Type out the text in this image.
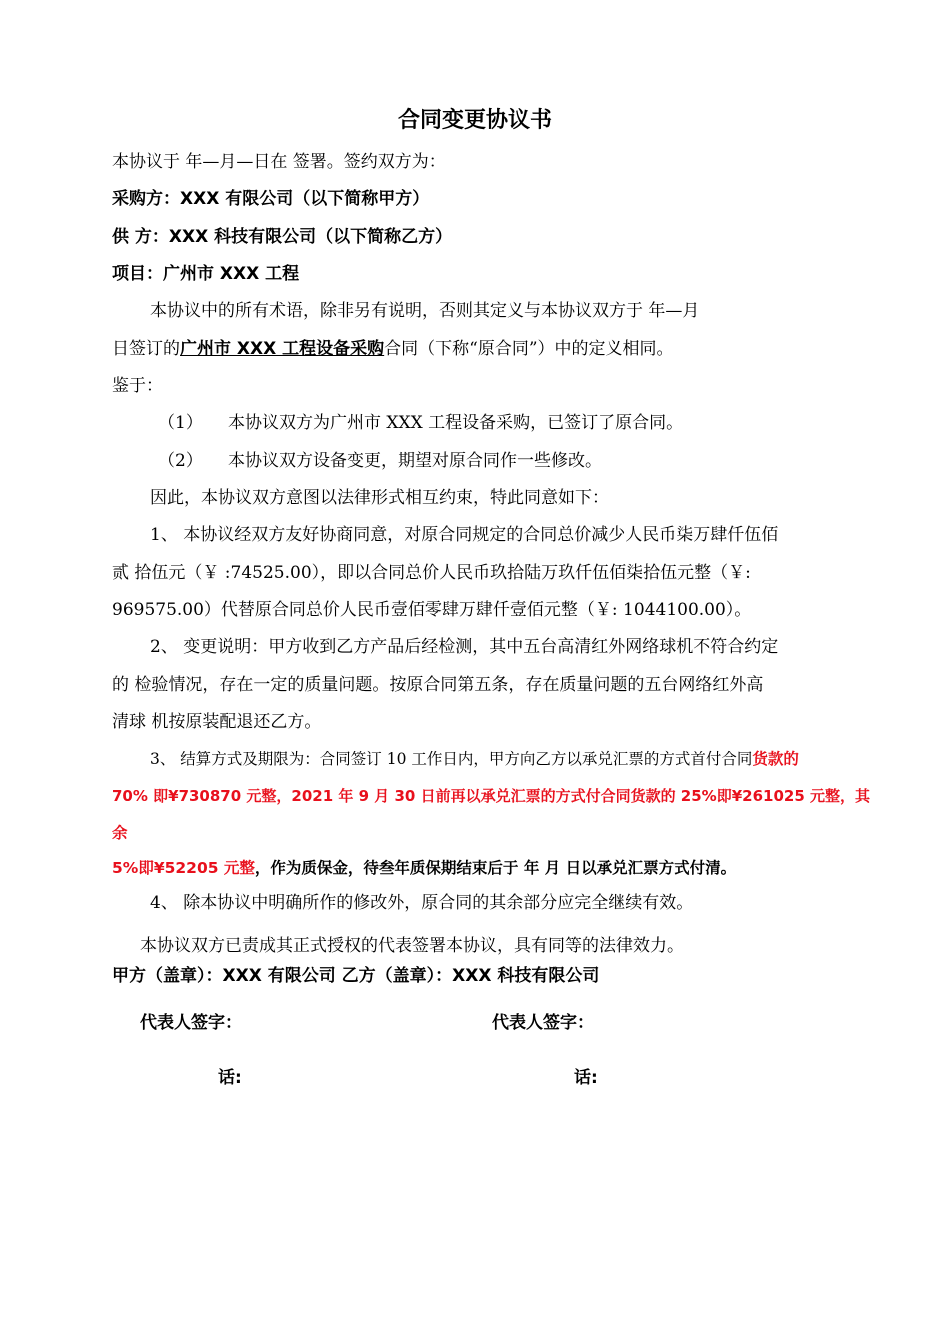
合同变更协议书
本协议于 年—月—日在 签署。签约双方为：
采购方：XXX 有限公司（以下简称甲方）
供 方：XXX 科技有限公司（以下简称乙方）
项目：广州市 XXX 工程
本协议中的所有术语，除非另有说明，否则其定义与本协议双方于 年—月
日签订的广州市 XXX 工程设备采购合同（下称“原合同”）中的定义相同。
鉴于：
（1） 本协议双方为广州市 XXX 工程设备采购，已签订了原合同。
（2） 本协议双方设备变更，期望对原合同作一些修改。
因此，本协议双方意图以法律形式相互约束，特此同意如下：
1、 本协议经双方友好协商同意，对原合同规定的合同总价减少人民币柒万肆仟伍佰
贰 拾伍元（￥ :74525.00），即以合同总价人民币玖拾陆万玖仟伍佰柒拾伍元整（￥:
969575.00）代替原合同总价人民币壹佰零肆万肆仟壹佰元整（￥: 1044100.00）。
2、 变更说明：甲方收到乙方产品后经检测，其中五台高清红外网络球机不符合约定
的 检验情况，存在一定的质量问题。按原合同第五条，存在质量问题的五台网络红外高
清球 机按原装配退还乙方。
3、 结算方式及期限为：合同签订 10 工作日内，甲方向乙方以承兑汇票的方式首付合同货款的
70% 即¥730870 元整，2021 年 9 月 30 日前再以承兑汇票的方式付合同货款的 25%即¥261025 元整，其
余
5%即¥52205 元整，作为质保金，待叁年质保期结束后于 年 月 日以承兑汇票方式付清。
4、 除本协议中明确所作的修改外，原合同的其余部分应完全继续有效。
本协议双方已责成其正式授权的代表签署本协议，具有同等的法律效力。
甲方（盖章）：XXX 有限公司 乙方（盖章）：XXX 科技有限公司
代表人签字：	代表人签字：
话:	话:
